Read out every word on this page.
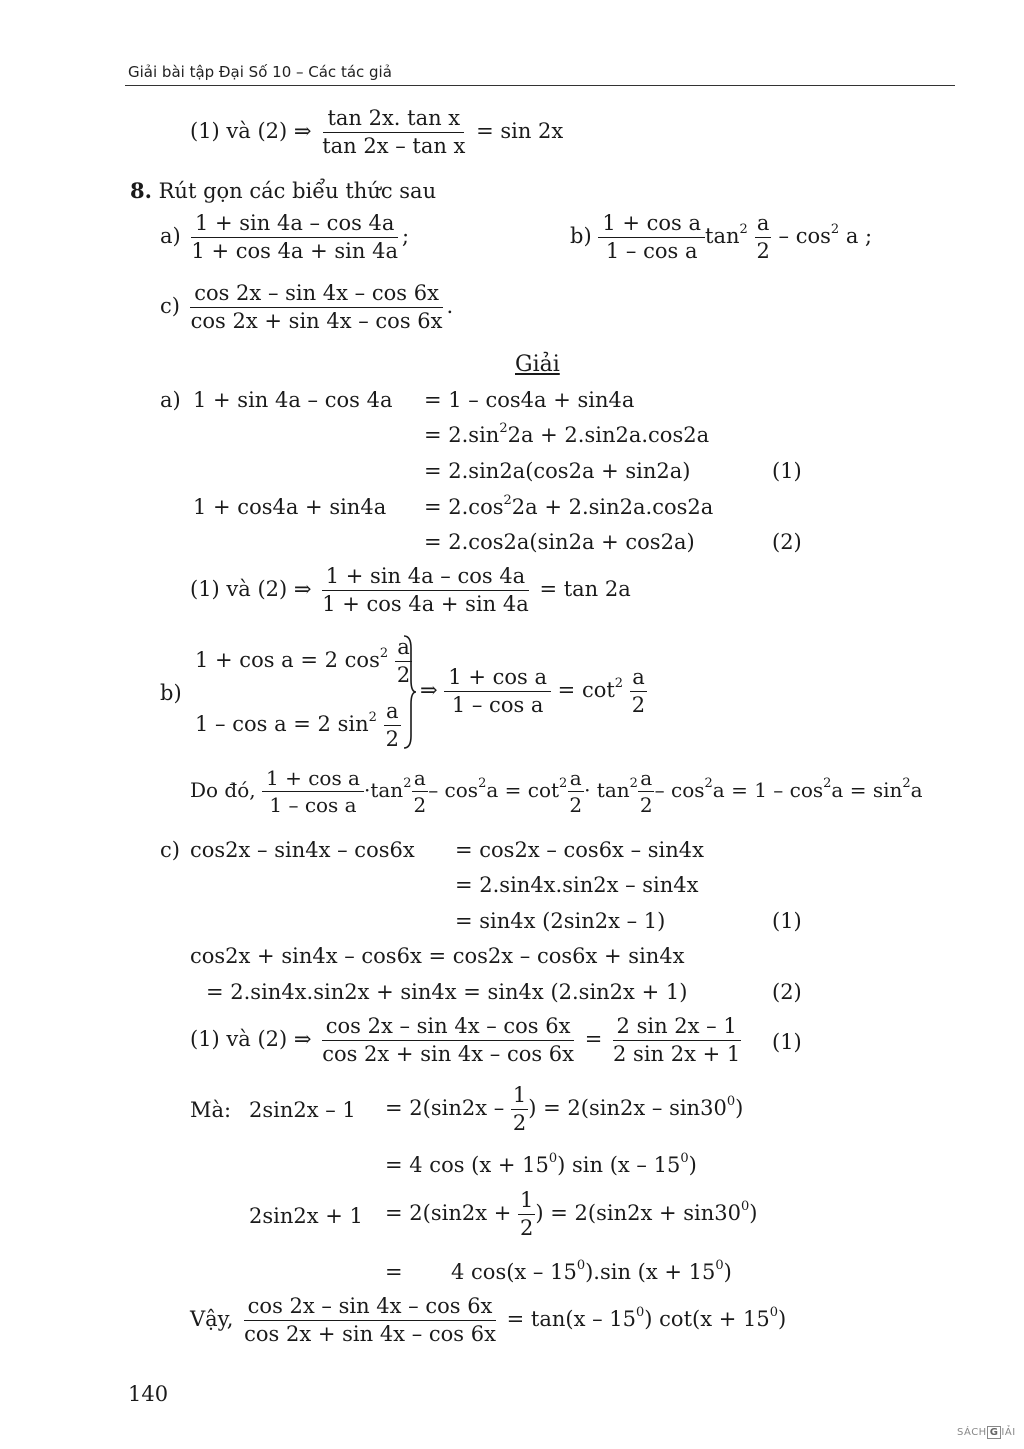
Giải bài tập Đại Số 10 – Các tác giả
(1) và (2) ⇒ $\frac{\text{tan 2x. tan x}}{\text{tan 2x – tan x}} = \sin 2x$
8. Rút gọn các biểu thức sau
$a) \frac{1 + \sin 4a - \cos 4a}{1 + \cos 4a + \sin 4a}$ ;	$b) \frac{\text{1 + cos a}}{\text{1 – cos a}} \tan^2 \frac{a}{2} - \cos^2 a$ ;
$c) \frac{\cos 2x - \sin 4x - \cos 6x}{\cos 2x + \sin 4x - \cos 6x}$ .
Giải
a) 1 + sin 4a – cos 4a = 1 – cos4a + sin4a
= $2.\sin^22a + 2.\sin 2a.\cos 2a$
= 2.sin2a(cos2a + sin2a)	(1)
$1 + \cos 4a + \sin 4a = 2.\cos^22a + 2.\sin 2a.\cos 2a$
= 2.cos2a(sin2a + cos2a)	(2)
(1) và (2) ⇒ $\frac{1 + \sin 4a - \cos 4a}{1 + \cos 4a + \sin 4a} = \tan 2a$
b)
1 + cos a = 2 $\cos^2 \frac{a}{2}$
1 – cos a = 2 $\sin^2 \frac{a}{2}$
⇒ $\frac{\text{1 + cos a}}{\text{1 – cos a}} = \cot^2 \frac{a}{2}$
Do đó, $\frac{\text{1 + cos a}}{\text{1 – cos a}} \cdot\tan^2 \frac{a}{2} - \cos^2a = \cot^2 \frac{a}{2} \cdot \tan^2 \frac{a}{2} - \cos^2a = 1 - \cos^2a = \sin^2a$
c) cos2x – sin4x – cos6x = cos2x – cos6x – sin4x
= 2.sin4x.sin2x – sin4x
= sin4x (2sin2x – 1)	(1)
cos2x + sin4x – cos6x = cos2x – cos6x + sin4x
= 2.sin4x.sin2x + sin4x = sin4x (2.sin2x + 1)	(2)
(1) và (2) ⇒ $\frac{\cos 2x - \sin 4x - \cos 6x}{\cos 2x + \sin 4x - \cos 6x} = \frac{2 \sin 2x - 1}{2 \sin 2x + 1} (1)$
Mà: $2\sin 2x - 1 = 2(\sin 2x - \frac{1}{2}$ ) = $2(\sin 2x - \sin 30^0)$
= 4 $\cos (x + 15^0)$ $\sin (x - 15^0)$
$2\sin 2x + 1 = 2(\sin 2x + \frac{1}{2}$ ) = $2(\sin 2x + \sin 30^0)$
= 4 $\cos(x - 15^0).\sin$ $(x + 15^0)$
Vậy, $\frac{\cos 2x - \sin 4x - \cos 6x}{\cos 2x + \sin 4x - \cos 6x} = \tan(x - 15^0) \cot(x + 15^0)$
140
SÁCH G IẢI
